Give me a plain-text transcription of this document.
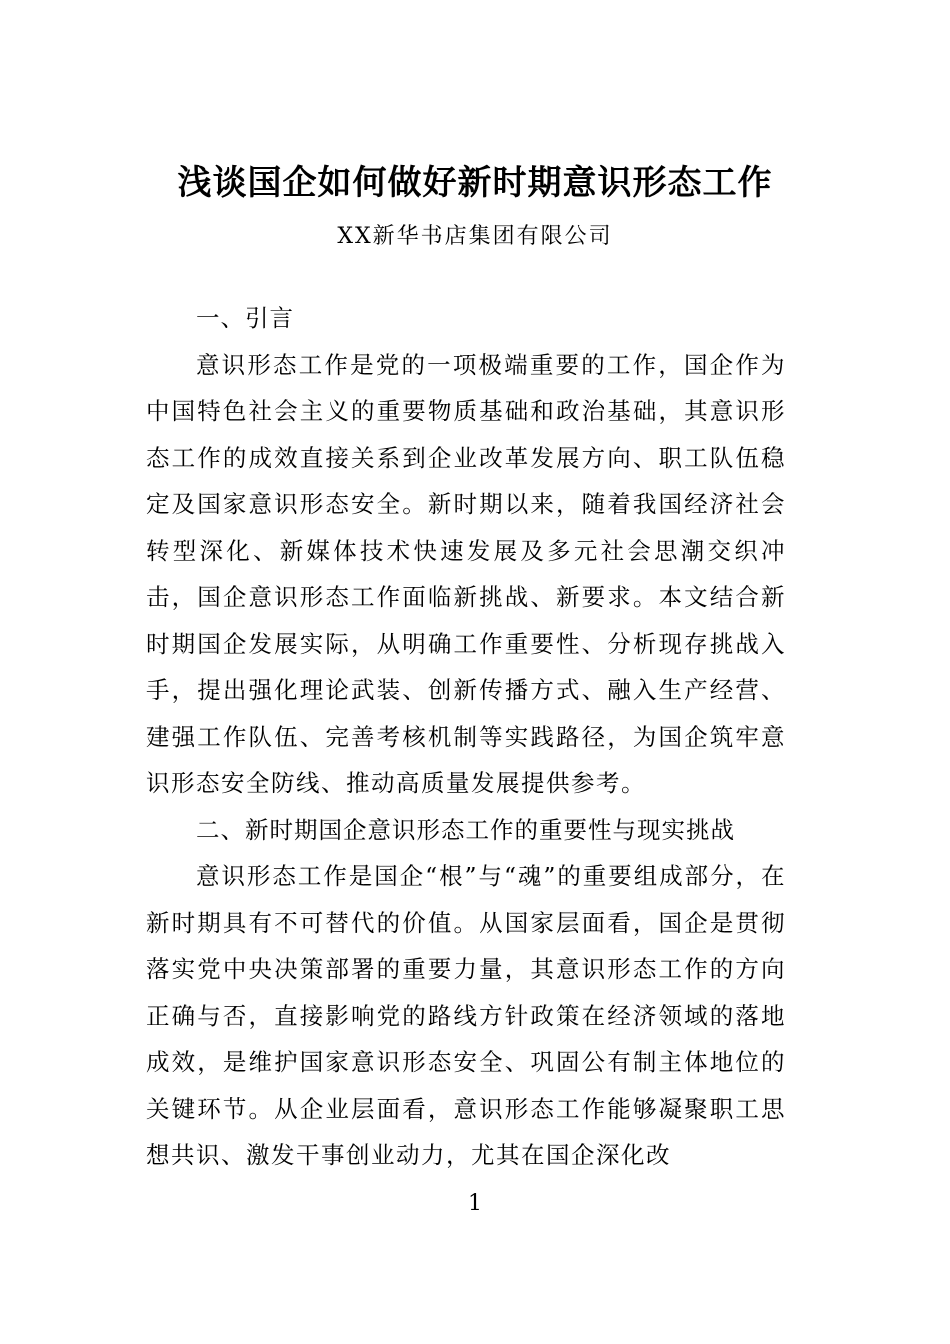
浅谈国企如何做好新时期意识形态工作

XX新华书店集团有限公司

一、引言

意识形态工作是党的一项极端重要的工作，国企作为中国特色社会主义的重要物质基础和政治基础，其意识形态工作的成效直接关系到企业改革发展方向、职工队伍稳定及国家意识形态安全。新时期以来，随着我国经济社会转型深化、新媒体技术快速发展及多元社会思潮交织冲击，国企意识形态工作面临新挑战、新要求。本文结合新时期国企发展实际，从明确工作重要性、分析现存挑战入手，提出强化理论武装、创新传播方式、融入生产经营、建强工作队伍、完善考核机制等实践路径，为国企筑牢意识形态安全防线、推动高质量发展提供参考。

二、新时期国企意识形态工作的重要性与现实挑战

意识形态工作是国企“根”与“魂”的重要组成部分，在新时期具有不可替代的价值。从国家层面看，国企是贯彻落实党中央决策部署的重要力量，其意识形态工作的方向正确与否，直接影响党的路线方针政策在经济领域的落地成效，是维护国家意识形态安全、巩固公有制主体地位的关键环节。从企业层面看，意识形态工作能够凝聚职工思想共识、激发干事创业动力，尤其在国企深化改

1
